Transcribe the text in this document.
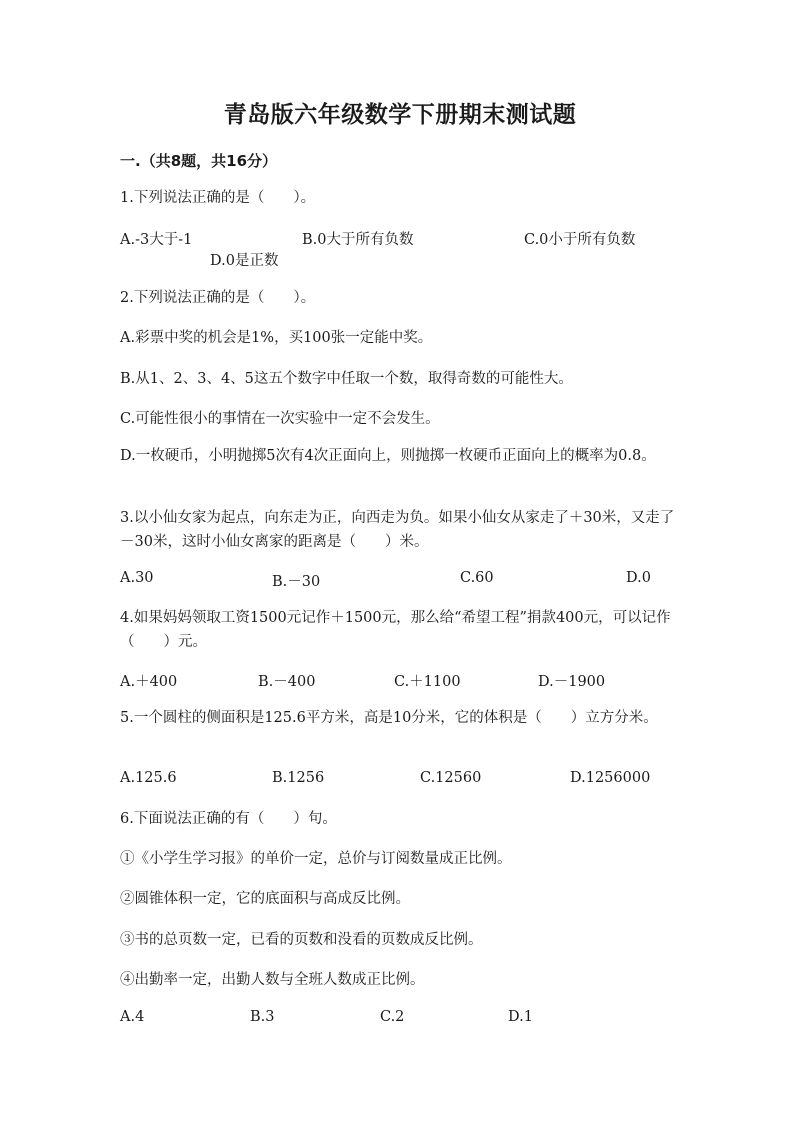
青岛版六年级数学下册期末测试题
一.（共8题，共16分）
1.下列说法正确的是（　　）。
A.-3大于-1	B.0大于所有负数	C.0小于所有负数
D.0是正数
2.下列说法正确的是（　　）。
A.彩票中奖的机会是1%，买100张一定能中奖。
B.从1、2、3、4、5这五个数字中任取一个数，取得奇数的可能性大。
C.可能性很小的事情在一次实验中一定不会发生。
D.一枚硬币，小明抛掷5次有4次正面向上，则抛掷一枚硬币正面向上的概率为0.8。
3.以小仙女家为起点，向东走为正，向西走为负。如果小仙女从家走了＋30米，又走了－30米，这时小仙女离家的距离是（　　）米。
A.30	B.－30	C.60	D.0
4.如果妈妈领取工资1500元记作＋1500元，那么给“希望工程”捐款400元，可以记作（　　）元。
A.＋400	B.－400	C.＋1100	D.－1900
5.一个圆柱的侧面积是125.6平方米，高是10分米，它的体积是（　　）立方分米。
A.125.6	B.1256	C.12560	D.1256000
6.下面说法正确的有（　　）句。
①《小学生学习报》的单价一定，总价与订阅数量成正比例。
②圆锥体积一定，它的底面积与高成反比例。
③书的总页数一定，已看的页数和没看的页数成反比例。
④出勤率一定，出勤人数与全班人数成正比例。
A.4	B.3	C.2	D.1
